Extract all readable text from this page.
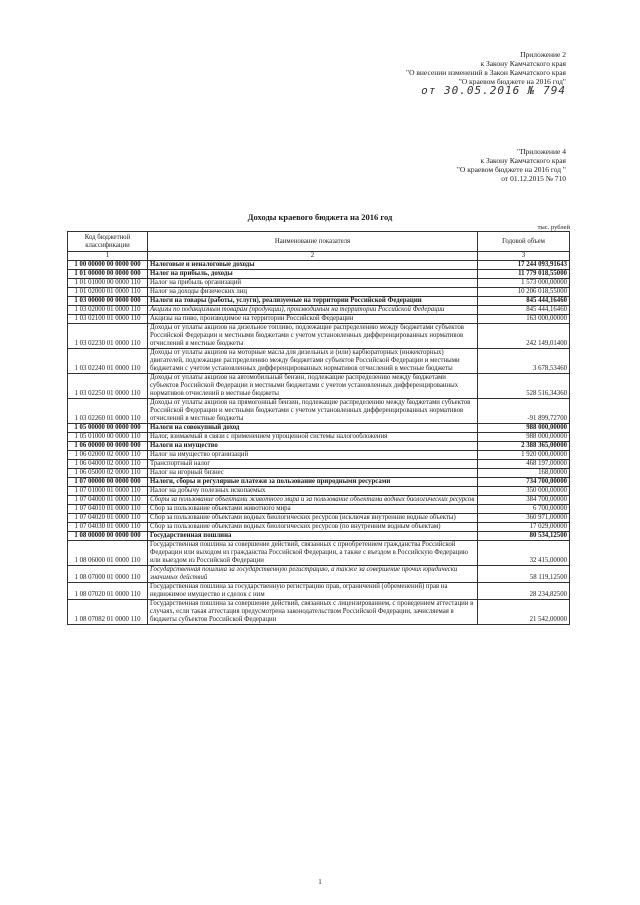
Приложение 2
к Закону Камчатского края
"О внесении изменений в Закон Камчатского края
"О краевом бюджете на 2016 год"
от 30.05.2016 № 794
"Приложение 4
к Закону Камчатского края
"О краевом бюджете на 2016 год "
от 01.12.2015 № 710
Доходы краевого бюджета на 2016 год
тыс. рублей
Код бюджетной классификации	Наименование показателя	Годовой объем
1	2	3
1 00 00000 00 0000 000	Налоговые и неналоговые доходы	17 244 093,91643
1 01 00000 00 0000 000	Налог на прибыль, доходы	11 779 018,55000
1 01 01000 00 0000 110	Налог на прибыль организаций	1 573 000,00000
1 01 02000 01 0000 110	Налог на доходы физических лиц	10 206 018,55000
1 03 00000 00 0000 000	Налоги на товары (работы, услуги), реализуемые на территории Российской Федерации	845 444,16460
1 03 02000 01 0000 110	Акцизы по подакцизным товарам (продукции), производимым на территории Российской Федерации	845 444,16460
1 03 02100 01 0000 110	Акцизы на пиво, производимое на территории Российской Федерации	163 000,00000
1 03 02230 01 0000 110	Доходы от уплаты акцизов на дизельное топливо, подлежащие распределению между бюджетами субъектов Российской Федерации и местными бюджетами с учетом установленных дифференцированных нормативов отчислений в местные бюджеты	242 149,01400
1 03 02240 01 0000 110	Доходы от уплаты акцизов на моторные масла для дизельных и (или) карбюраторных (инжекторных) двигателей, подлежащие распределению между бюджетами субъектов Российской Федерации и местными бюджетами с учетом установленных дифференцированных нормативов отчислений в местные бюджеты	3 678,53460
1 03 02250 01 0000 110	Доходы от уплаты акцизов на автомобильный бензин, подлежащие распределению между бюджетами субъектов Российской Федерации и местными бюджетами с учетом установленных дифференцированных нормативов отчислений в местные бюджеты	528 516,34360
1 03 02260 01 0000 110	Доходы от уплаты акцизов на прямогонный бензин, подлежащие распределению между бюджетами субъектов Российской Федерации и местными бюджетами с учетом установленных дифференцированных нормативов отчислений в местные бюджеты	-91 899,72700
1 05 00000 00 0000 000	Налоги на совокупный доход	988 000,00000
1 05 01000 00 0000 110	Налог, взимаемый в связи с применением упрощенной системы налогообложения	988 000,00000
1 06 00000 00 0000 000	Налоги на имущество	2 388 365,00000
1 06 02000 02 0000 110	Налог на имущество организаций	1 920 000,00000
1 06 04000 02 0000 110	Транспортный налог	468 197,00000
1 06 05000 02 0000 110	Налог на игорный бизнес	168,00000
1 07 00000 00 0000 000	Налоги, сборы и регулярные платежи за пользование природными ресурсами	734 700,00000
1 07 01000 01 0000 110	Налог на добычу полезных ископаемых	350 000,00000
1 07 04000 01 0000 110	Сборы за пользование объектами животного мира и за пользование объектами водных биологических ресурсов	384 700,00000
1 07 04010 01 0000 110	Сбор за пользование объектами животного мира	6 700,00000
1 07 04020 01 0000 110	Сбор за пользование объектами водных биологических ресурсов (исключая внутренние водные объекты)	360 971,00000
1 07 04030 01 0000 110	Сбор за пользование объектами водных биологических ресурсов (по внутренним водным объектам)	17 029,00000
1 08 00000 00 0000 000	Государственная пошлина	80 534,12500
1 08 06000 01 0000 110	Государственная пошлина за совершение действий, связанных с приобретением гражданства Российской Федерации или выходом из гражданства Российской Федерации, а также с въездом в Российскую Федерацию или выездом из Российской Федерации	32 415,00000
1 08 07000 01 0000 110	Государственная пошлина за государственную регистрацию, а также за совершение прочих юридически значимых действий	58 119,12500
1 08 07020 01 0000 110	Государственная пошлина за государственную регистрацию прав, ограничений (обременений) прав на недвижимое имущество и сделок с ним	28 234,82500
1 08 07082 01 0000 110	Государственная пошлина за совершение действий, связанных с лицензированием, с проведением аттестации в случаях, если такая аттестация предусмотрена законодательством Российской Федерации, зачисляемая в бюджеты субъектов Российской Федерации	21 542,00000
1
